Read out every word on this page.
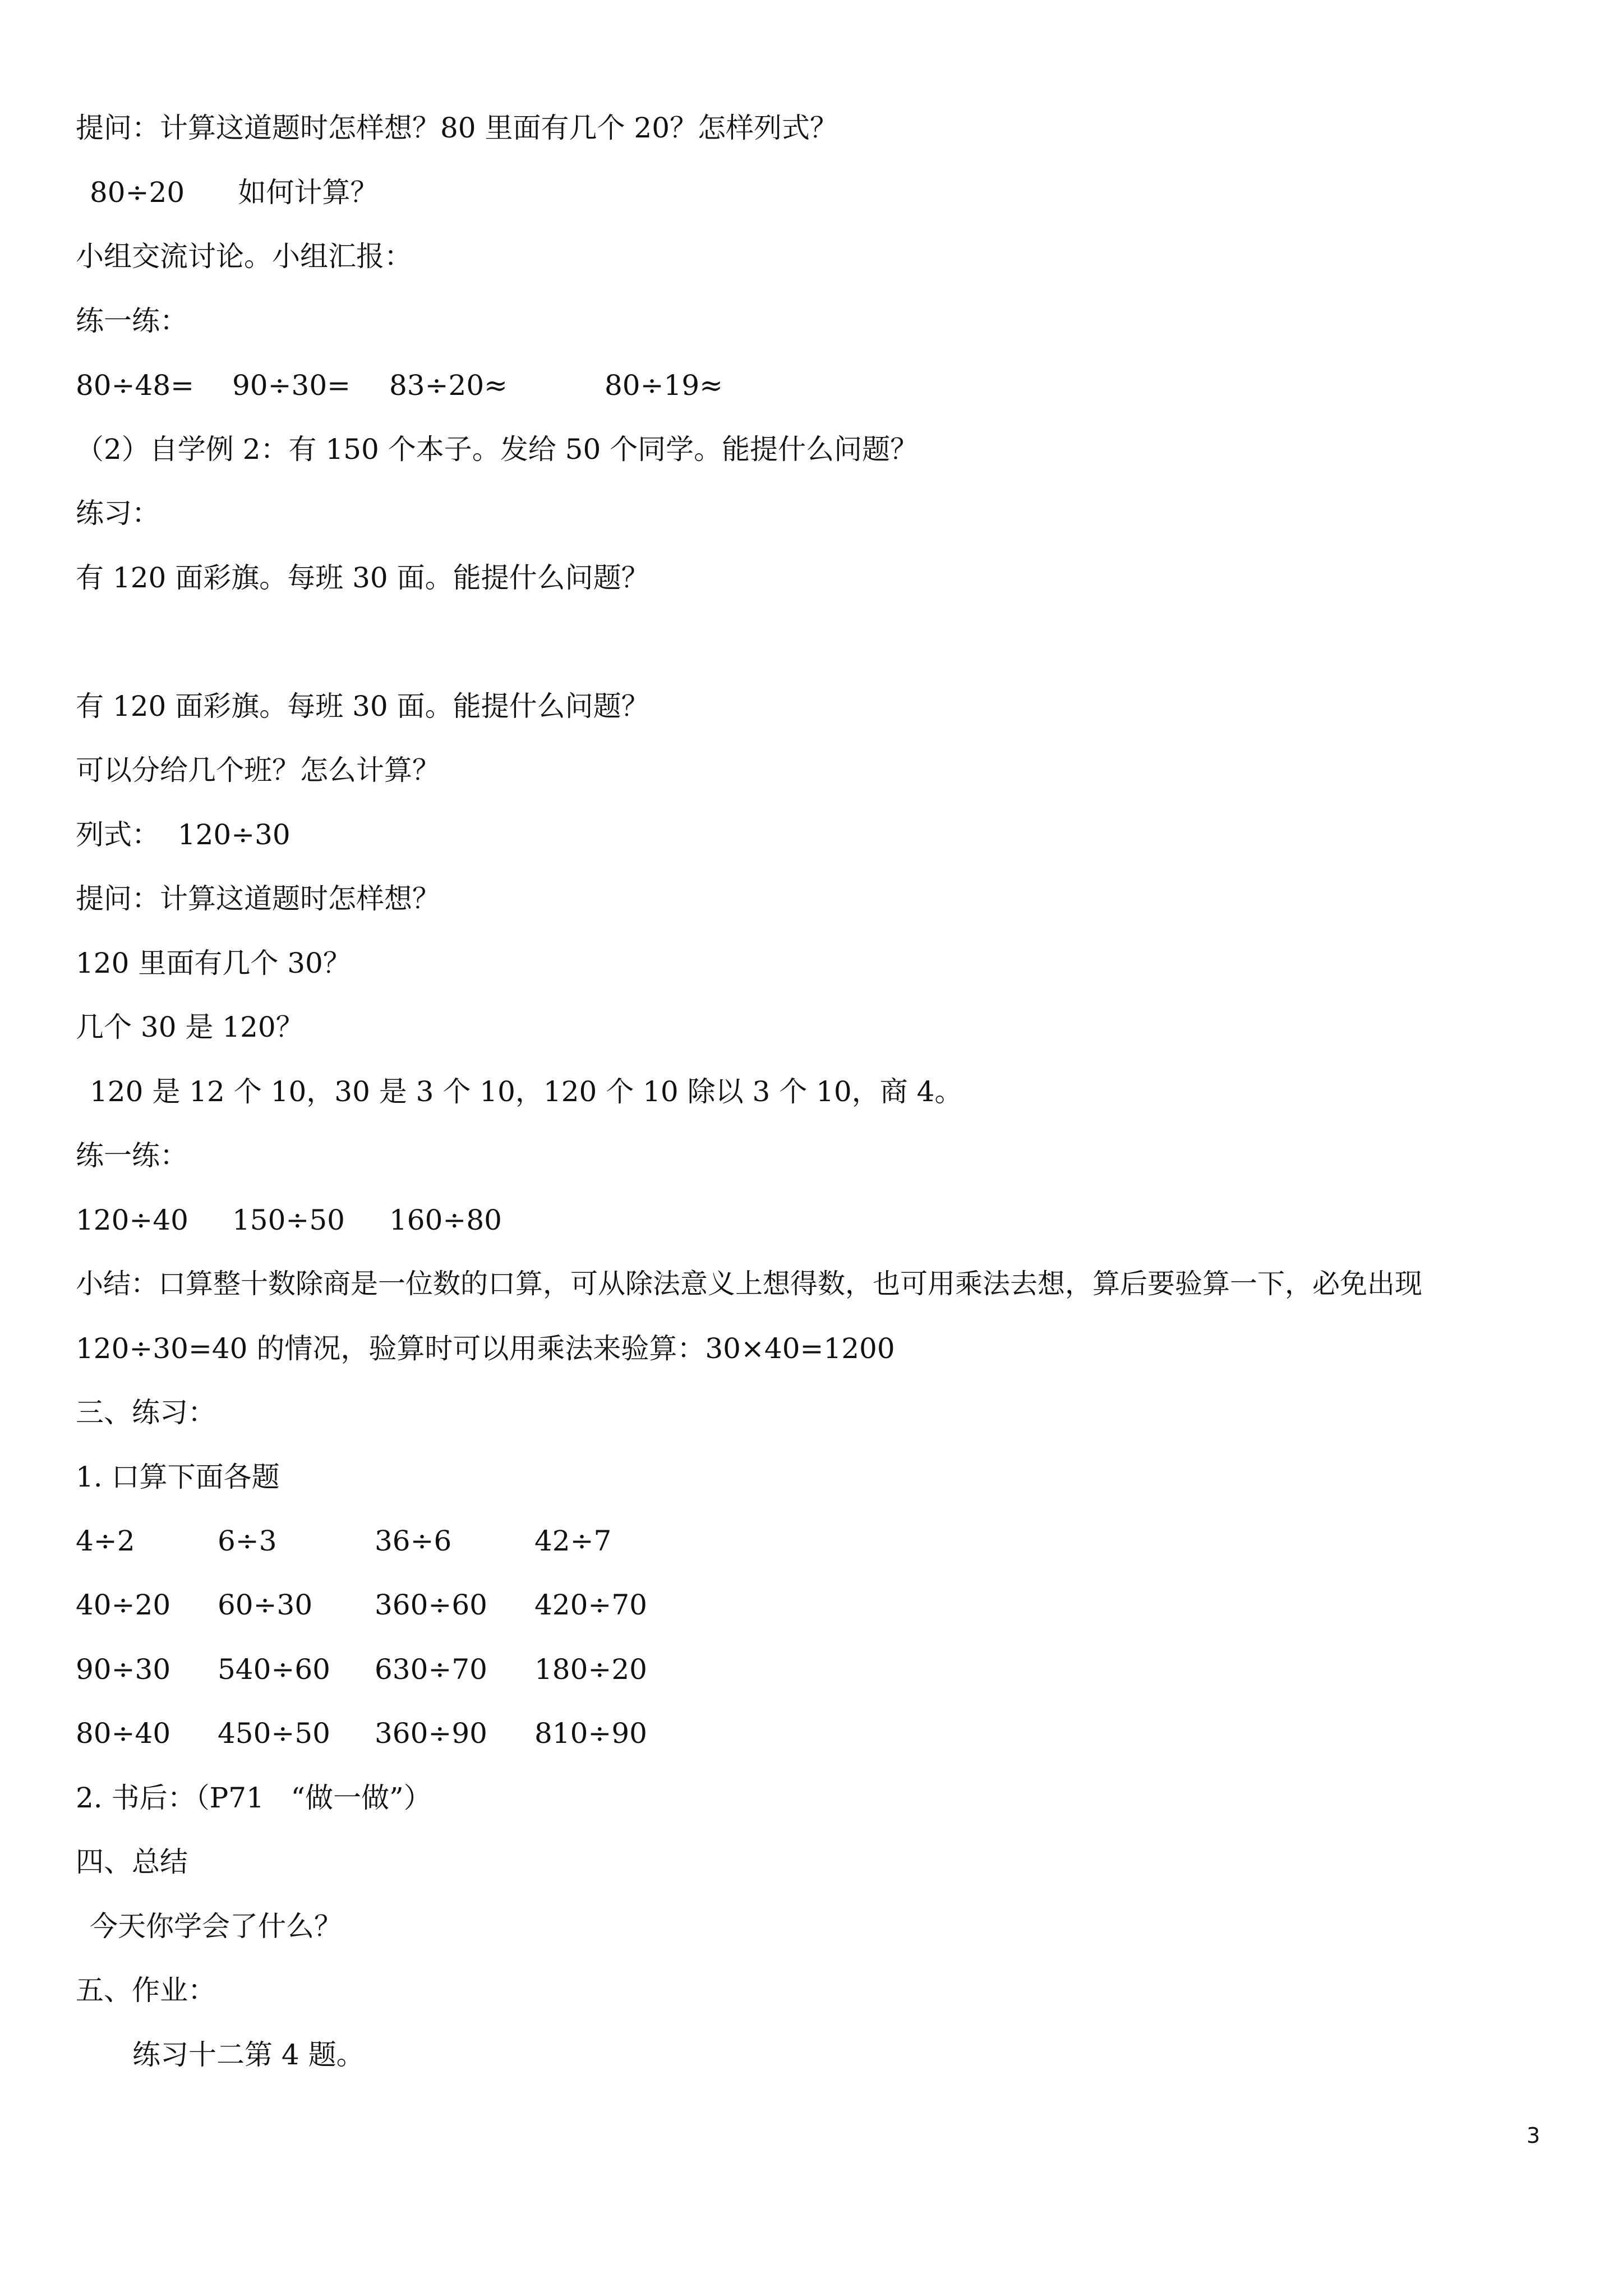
提问：计算这道题时怎样想？80 里面有几个 20？怎样列式？
80÷20      如何计算？
小组交流讨论。小组汇报：
练一练：
80÷48= 90÷30= 83÷20≈	80÷19≈
（2）自学例 2：有 150 个本子。发给 50 个同学。能提什么问题？
练习：
有 120 面彩旗。每班 30 面。能提什么问题？
有 120 面彩旗。每班 30 面。能提什么问题？
可以分给几个班？怎么计算？
列式：  120÷30
提问：计算这道题时怎样想？
120 里面有几个 30？
几个 30 是 120？
120 是 12 个 10，30 是 3 个 10，120 个 10 除以 3 个 10，商 4。
练一练：
120÷40 150÷50 160÷80
小结：口算整十数除商是一位数的口算，可从除法意义上想得数，也可用乘法去想，算后要验算一下，必免出现
120÷30=40 的情况，验算时可以用乘法来验算：30×40=1200
三、练习：
1. 口算下面各题
4÷2	6÷3	36÷6	42÷7
40÷20 60÷30 360÷60 420÷70
90÷30 540÷60 630÷70 180÷20
80÷40 450÷50 360÷90 810÷90
2. 书后：（P71   “做一做”）
四、总结
今天你学会了什么？
五、作业：
练习十二第 4 题。
3
